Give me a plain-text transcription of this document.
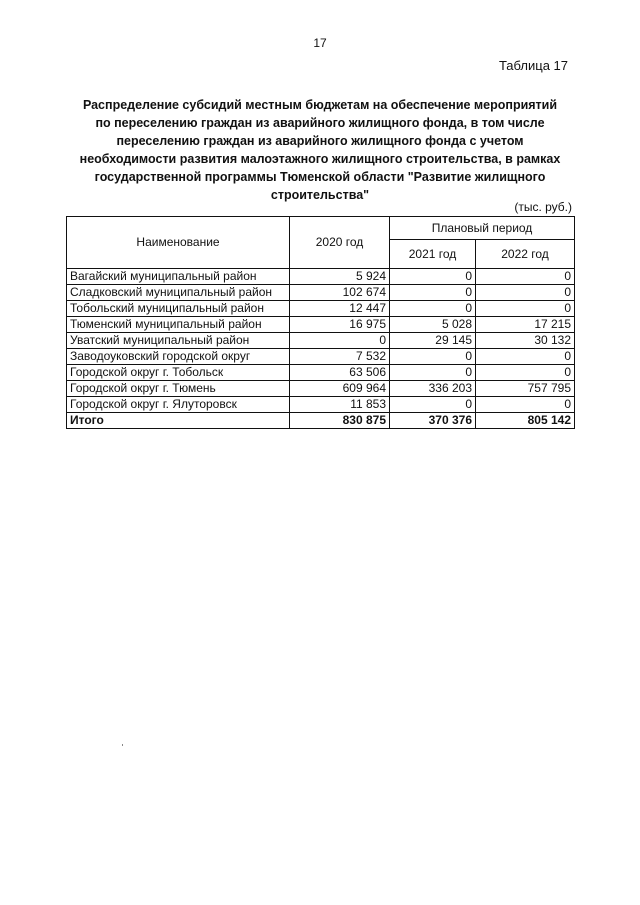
17
Таблица 17
Распределение субсидий местным бюджетам на обеспечение мероприятий
по переселению граждан из аварийного жилищного фонда, в том числе
переселению граждан из аварийного жилищного фонда с учетом
необходимости развития малоэтажного жилищного строительства, в рамках
государственной программы Тюменской области "Развитие жилищного
строительства"
(тыс. руб.)
Наименование	2020 год	Плановый период	
		2021 год	2022 год
Вагайский муниципальный район	5 924	0	0
Сладковский муниципальный район	102 674	0	0
Тобольский муниципальный район	12 447	0	0
Тюменский муниципальный район	16 975	5 028	17 215
Уватский муниципальный район	0	29 145	30 132
Заводоуковский городской округ	7 532	0	0
Городской округ г. Тобольск	63 506	0	0
Городской округ г. Тюмень	609 964	336 203	757 795
Городской округ г. Ялуторовск	11 853	0	0
Итого	830 875	370 376	805 142
